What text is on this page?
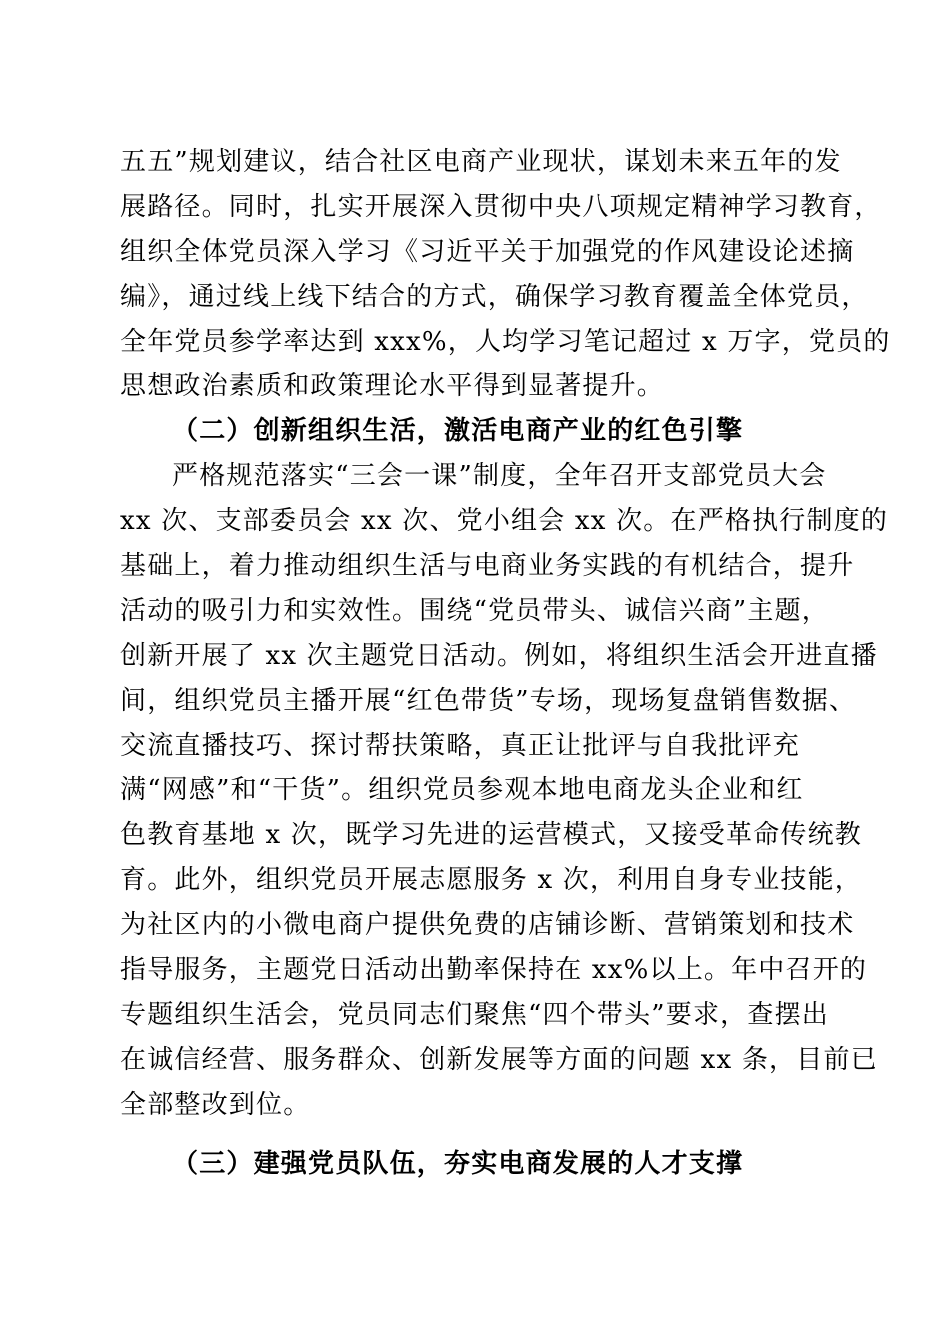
五五”规划建议，结合社区电商产业现状，谋划未来五年的发
展路径。同时，扎实开展深入贯彻中央八项规定精神学习教育，
组织全体党员深入学习《习近平关于加强党的作风建设论述摘
编》，通过线上线下结合的方式，确保学习教育覆盖全体党员，
全年党员参学率达到 xxx%，人均学习笔记超过 x 万字，党员的
思想政治素质和政策理论水平得到显著提升。
（二）创新组织生活，激活电商产业的红色引擎
严格规范落实“三会一课”制度，全年召开支部党员大会
xx 次、支部委员会 xx 次、党小组会 xx 次。在严格执行制度的
基础上，着力推动组织生活与电商业务实践的有机结合，提升
活动的吸引力和实效性。围绕“党员带头、诚信兴商”主题，
创新开展了 xx 次主题党日活动。例如，将组织生活会开进直播
间，组织党员主播开展“红色带货”专场，现场复盘销售数据、
交流直播技巧、探讨帮扶策略，真正让批评与自我批评充
满“网感”和“干货”。组织党员参观本地电商龙头企业和红
色教育基地 x 次，既学习先进的运营模式，又接受革命传统教
育。此外，组织党员开展志愿服务 x 次，利用自身专业技能，
为社区内的小微电商户提供免费的店铺诊断、营销策划和技术
指导服务，主题党日活动出勤率保持在 xx%以上。年中召开的
专题组织生活会，党员同志们聚焦“四个带头”要求，查摆出
在诚信经营、服务群众、创新发展等方面的问题 xx 条，目前已
全部整改到位。
（三）建强党员队伍，夯实电商发展的人才支撑
